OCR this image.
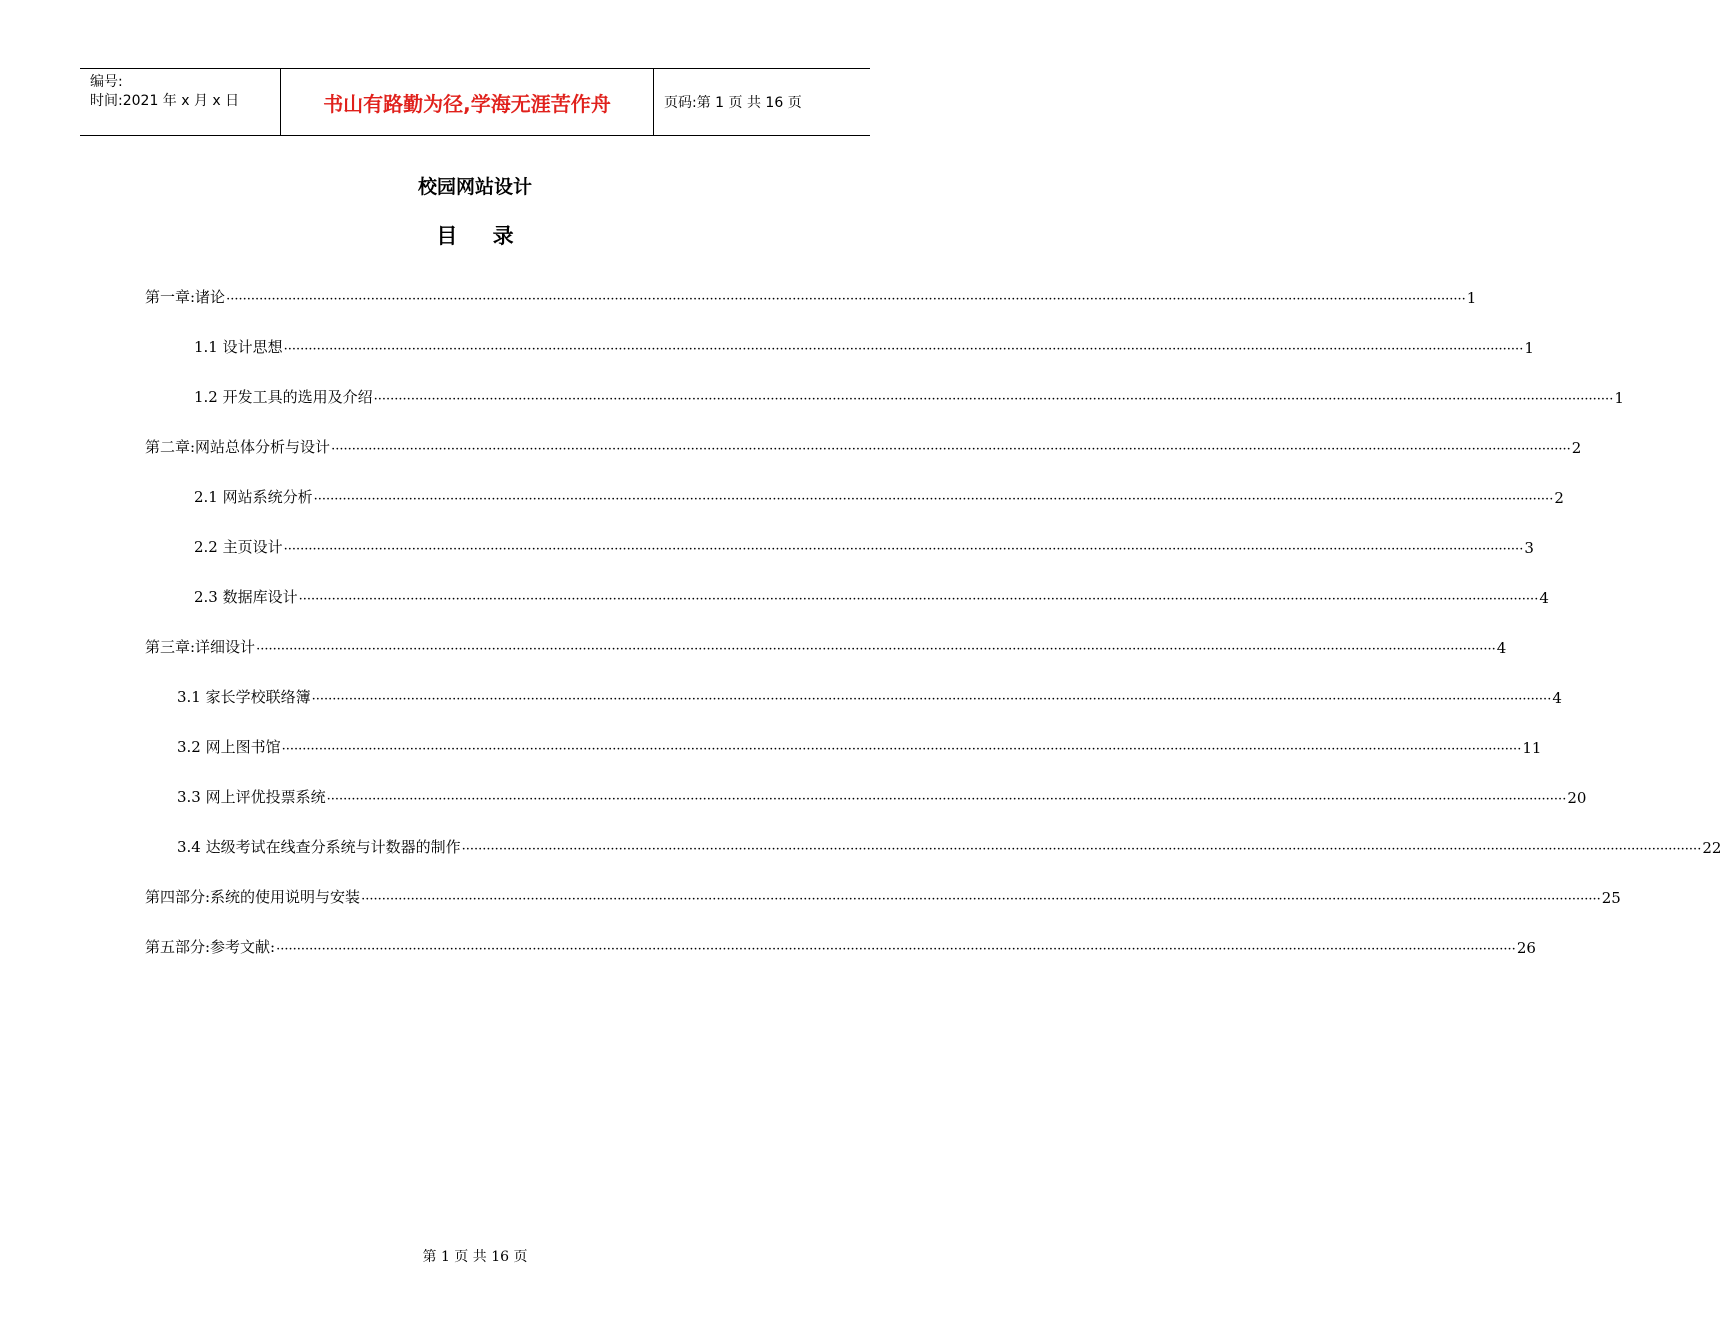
编号:
时间:2021 年 x 月 x 日	书山有路勤为径,学海无涯苦作舟	页码:第 1 页 共 16 页
校园网站设计
目 录
第一章:诸论 ············································································································································································································································································································ 1
1.1 设计思想 ············································································································································································································································································································ 1
1.2 开发工具的选用及介绍 ············································································································································································································································································································ 1
第二章:网站总体分析与设计 ············································································································································································································································································································ 2
2.1 网站系统分析 ············································································································································································································································································································ 2
2.2 主页设计 ············································································································································································································································································································ 3
2.3 数据库设计 ············································································································································································································································································································ 4
第三章:详细设计 ············································································································································································································································································································ 4
3.1 家长学校联络簿 ············································································································································································································································································································ 4
3.2 网上图书馆 ············································································································································································································································································································ 11
3.3 网上评优投票系统 ············································································································································································································································································································ 20
3.4 达级考试在线查分系统与计数器的制作 ············································································································································································································································································································ 22
第四部分:系统的使用说明与安装 ············································································································································································································································································································ 25
第五部分:参考文献: ············································································································································································································································································································ 26
第 1 页 共 16 页
